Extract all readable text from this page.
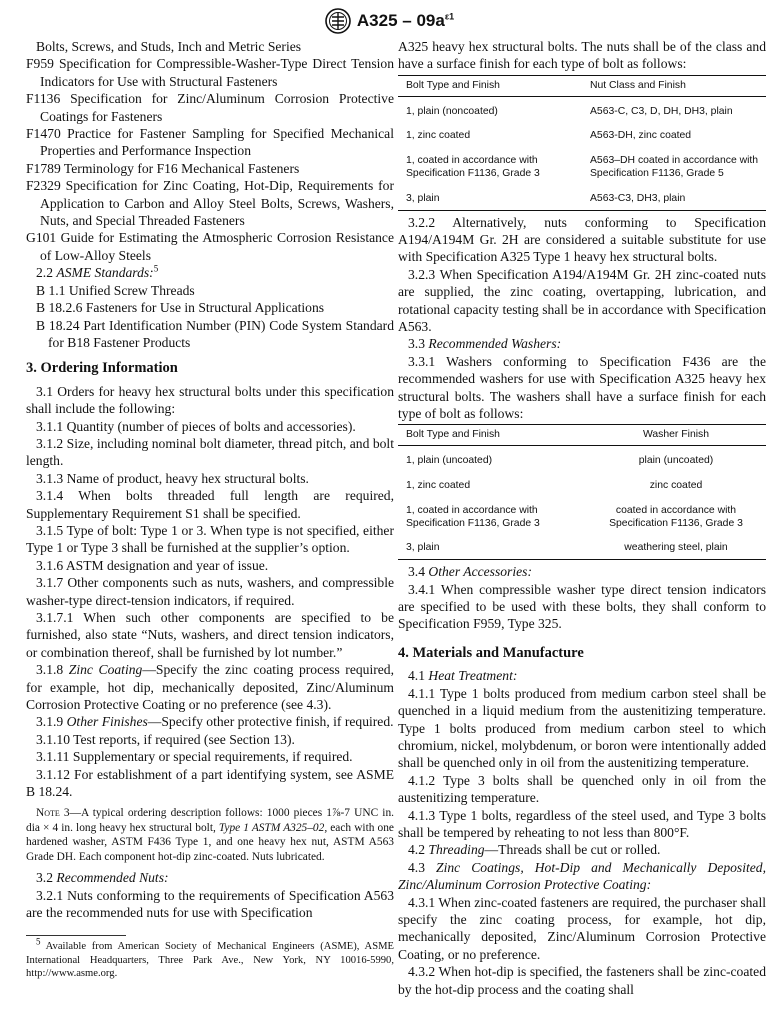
$A325 - 09a^{\varepsilon 1}$

Bolts, Screws, and Studs, Inch and Metric Series

F959 Specification for Compressible-Washer-Type Direct Tension Indicators for Use with Structural Fasteners

F1136 Specification for Zinc/Aluminum Corrosion Protective Coatings for Fasteners

F1470 Practice for Fastener Sampling for Specified Mechanical Properties and Performance Inspection

F1789 Terminology for F16 Mechanical Fasteners

F2329 Specification for Zinc Coating, Hot-Dip, Requirements for Application to Carbon and Alloy Steel Bolts, Screws, Washers, Nuts, and Special Threaded Fasteners

G101 Guide for Estimating the Atmospheric Corrosion Resistance of Low-Alloy Steels

2.2 ASME Standards:$^5$

B 1.1 Unified Screw Threads

B 18.2.6 Fasteners for Use in Structural Applications

B 18.24 Part Identification Number (PIN) Code System Standard for B18 Fastener Products

3. Ordering Information

3.1 Orders for heavy hex structural bolts under this specification shall include the following:

3.1.1 Quantity (number of pieces of bolts and accessories).

3.1.2 Size, including nominal bolt diameter, thread pitch, and bolt length.

3.1.3 Name of product, heavy hex structural bolts.

3.1.4 When bolts threaded full length are required, Supplementary Requirement S1 shall be specified.

3.1.5 Type of bolt: Type 1 or 3. When type is not specified, either Type 1 or Type 3 shall be furnished at the supplier’s option.

3.1.6 ASTM designation and year of issue.

3.1.7 Other components such as nuts, washers, and compressible washer-type direct-tension indicators, if required.

3.1.7.1 When such other components are specified to be furnished, also state “Nuts, washers, and direct tension indicators, or combination thereof, shall be furnished by lot number.”

3.1.8 Zinc Coating—Specify the zinc coating process required, for example, hot dip, mechanically deposited, Zinc/Aluminum Corrosion Protective Coating or no preference (see 4.3).

3.1.9 Other Finishes—Specify other protective finish, if required.

3.1.10 Test reports, if required (see Section 13).

3.1.11 Supplementary or special requirements, if required.

3.1.12 For establishment of a part identifying system, see ASME B 18.24.

Note 3—A typical ordering description follows: 1000 pieces 1⅞-7 UNC in. dia × 4 in. long heavy hex structural bolt, Type 1 ASTM A325–02, each with one hardened washer, ASTM F436 Type 1, and one heavy hex nut, ASTM A563 Grade DH. Each component hot-dip zinc-coated. Nuts lubricated.

3.2 Recommended Nuts:

3.2.1 Nuts conforming to the requirements of Specification A563 are the recommended nuts for use with Specification

$^5$ Available from American Society of Mechanical Engineers (ASME), ASME International Headquarters, Three Park Ave., New York, NY 10016-5990, http://www.asme.org.

A325 heavy hex structural bolts. The nuts shall be of the class and have a surface finish for each type of bolt as follows:

Bolt Type and Finish	Nut Class and Finish
1, plain (noncoated)	A563-C, C3, D, DH, DH3, plain
1, zinc coated	A563-DH, zinc coated
1, coated in accordance with Specification F1136, Grade 3	A563–DH coated in accordance with Specification F1136, Grade 5
3, plain	A563-C3, DH3, plain

3.2.2 Alternatively, nuts conforming to Specification A194/A194M Gr. 2H are considered a suitable substitute for use with Specification A325 Type 1 heavy hex structural bolts.

3.2.3 When Specification A194/A194M Gr. 2H zinc-coated nuts are supplied, the zinc coating, overtapping, lubrication, and rotational capacity testing shall be in accordance with Specification A563.

3.3 Recommended Washers:

3.3.1 Washers conforming to Specification F436 are the recommended washers for use with Specification A325 heavy hex structural bolts. The washers shall have a surface finish for each type of bolt as follows:

Bolt Type and Finish	Washer Finish
1, plain (uncoated)	plain (uncoated)
1, zinc coated	zinc coated
1, coated in accordance with Specification F1136, Grade 3	coated in accordance with Specification F1136, Grade 3
3, plain	weathering steel, plain

3.4 Other Accessories:

3.4.1 When compressible washer type direct tension indicators are specified to be used with these bolts, they shall conform to Specification F959, Type 325.

4. Materials and Manufacture

4.1 Heat Treatment:

4.1.1 Type 1 bolts produced from medium carbon steel shall be quenched in a liquid medium from the austenitizing temperature. Type 1 bolts produced from medium carbon steel to which chromium, nickel, molybdenum, or boron were intentionally added shall be quenched only in oil from the austenitizing temperature.

4.1.2 Type 3 bolts shall be quenched only in oil from the austenitizing temperature.

4.1.3 Type 1 bolts, regardless of the steel used, and Type 3 bolts shall be tempered by reheating to not less than 800°F.

4.2 Threading—Threads shall be cut or rolled.

4.3 Zinc Coatings, Hot-Dip and Mechanically Deposited, Zinc/Aluminum Corrosion Protective Coating:

4.3.1 When zinc-coated fasteners are required, the purchaser shall specify the zinc coating process, for example, hot dip, mechanically deposited, Zinc/Aluminum Corrosion Protective Coating, or no preference.

4.3.2 When hot-dip is specified, the fasteners shall be zinc-coated by the hot-dip process and the coating shall
